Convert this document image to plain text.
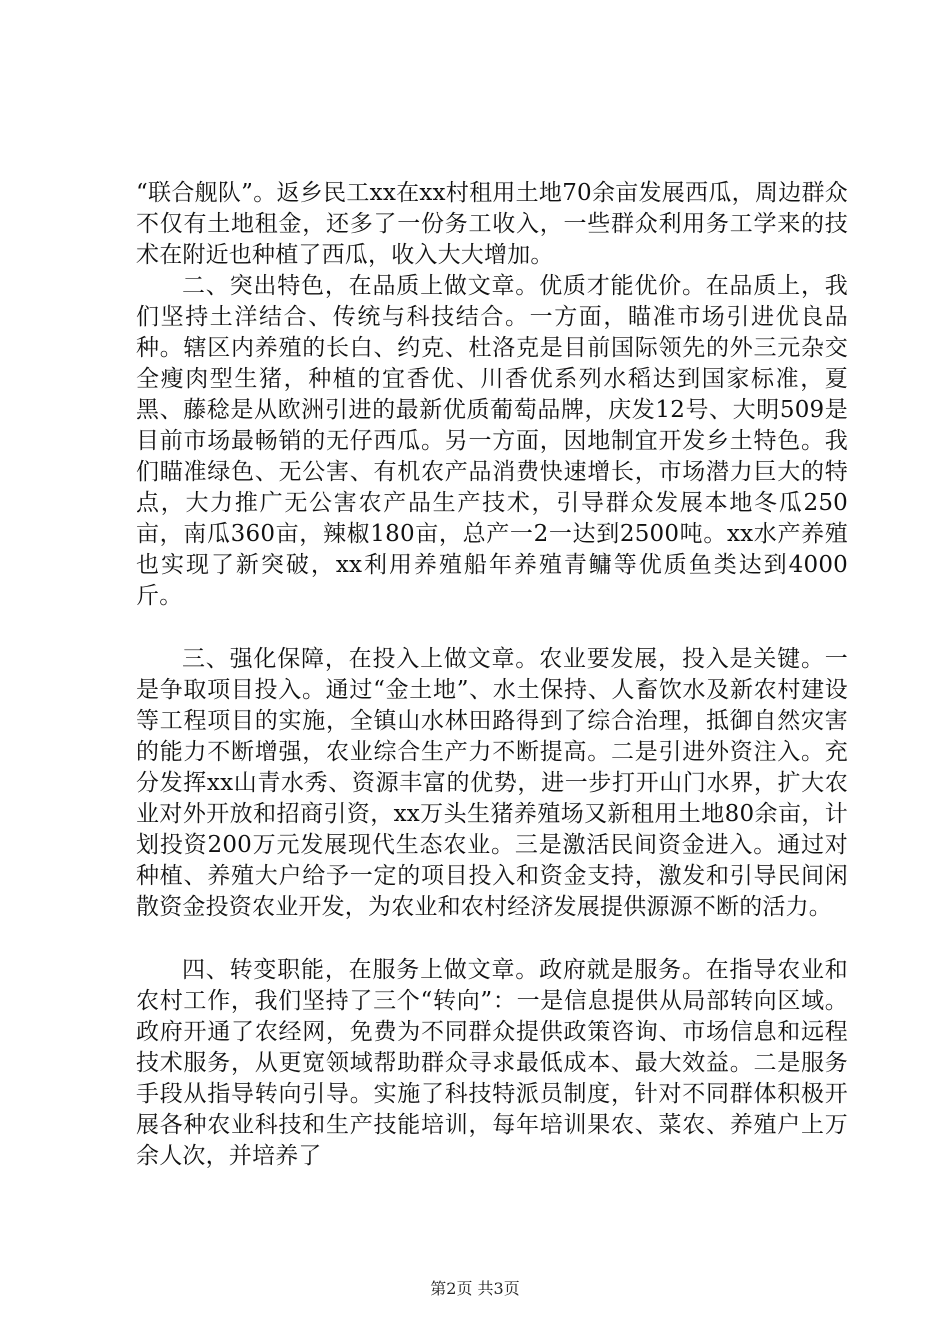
“联合舰队”。返乡民工xx在xx村租用土地70余亩发展西瓜，周边群众不仅有土地租金，还多了一份务工收入，一些群众利用务工学来的技术在附近也种植了西瓜，收入大大增加。

二、突出特色，在品质上做文章。优质才能优价。在品质上，我们坚持土洋结合、传统与科技结合。一方面，瞄准市场引进优良品种。辖区内养殖的长白、约克、杜洛克是目前国际领先的外三元杂交全瘦肉型生猪，种植的宜香优、川香优系列水稻达到国家标准，夏黑、藤稔是从欧洲引进的最新优质葡萄品牌，庆发12号、大明509是目前市场最畅销的无仔西瓜。另一方面，因地制宜开发乡土特色。我们瞄准绿色、无公害、有机农产品消费快速增长，市场潜力巨大的特点，大力推广无公害农产品生产技术，引导群众发展本地冬瓜250亩，南瓜360亩，辣椒180亩，总产一2一达到2500吨。xx水产养殖也实现了新突破，xx利用养殖船年养殖青鳙等优质鱼类达到4000斤。

三、强化保障，在投入上做文章。农业要发展，投入是关键。一是争取项目投入。通过“金土地”、水土保持、人畜饮水及新农村建设等工程项目的实施，全镇山水林田路得到了综合治理，抵御自然灾害的能力不断增强，农业综合生产力不断提高。二是引进外资注入。充分发挥xx山青水秀、资源丰富的优势，进一步打开山门水界，扩大农业对外开放和招商引资，xx万头生猪养殖场又新租用土地80余亩，计划投资200万元发展现代生态农业。三是激活民间资金进入。通过对种植、养殖大户给予一定的项目投入和资金支持，激发和引导民间闲散资金投资农业开发，为农业和农村经济发展提供源源不断的活力。

四、转变职能，在服务上做文章。政府就是服务。在指导农业和农村工作，我们坚持了三个“转向”：一是信息提供从局部转向区域。政府开通了农经网，免费为不同群众提供政策咨询、市场信息和远程技术服务，从更宽领域帮助群众寻求最低成本、最大效益。二是服务手段从指导转向引导。实施了科技特派员制度，针对不同群体积极开展各种农业科技和生产技能培训，每年培训果农、菜农、养殖户上万余人次，并培养了

第2页 共3页
